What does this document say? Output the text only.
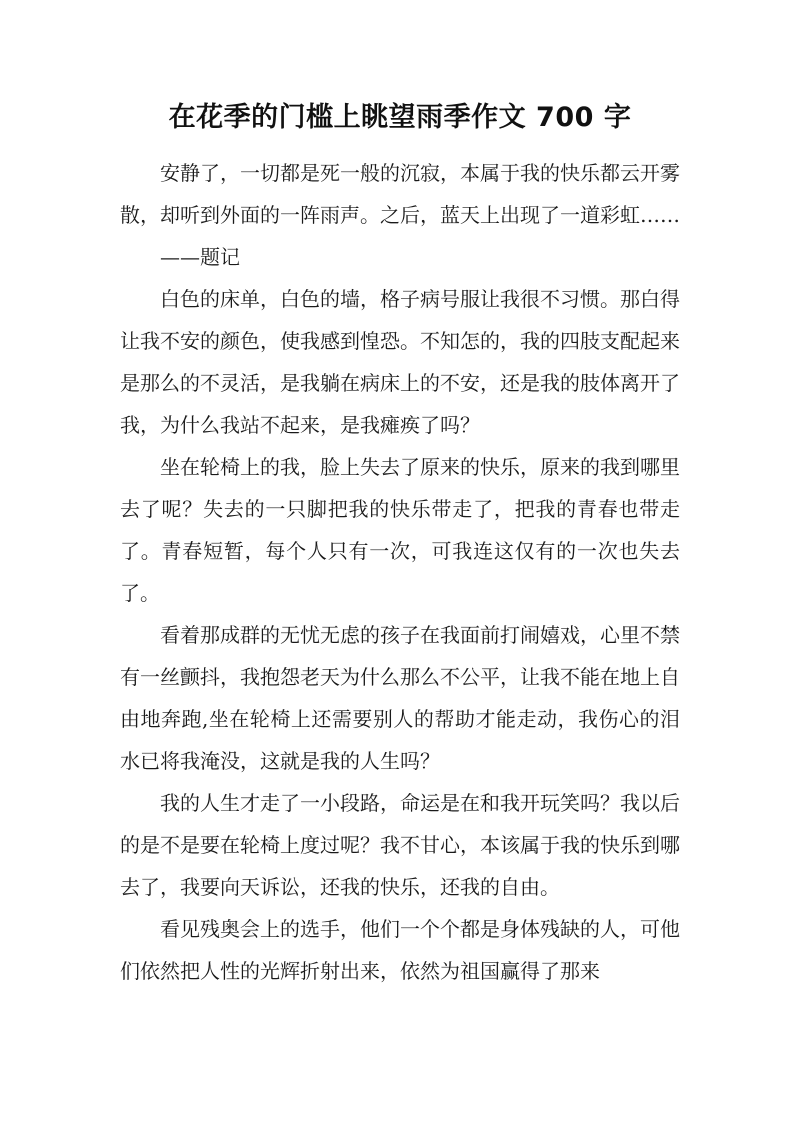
在花季的门槛上眺望雨季作文 700 字

安静了，一切都是死一般的沉寂，本属于我的快乐都云开雾散，却听到外面的一阵雨声。之后，蓝天上出现了一道彩虹……

——题记

白色的床单，白色的墙，格子病号服让我很不习惯。那白得让我不安的颜色，使我感到惶恐。不知怎的，我的四肢支配起来是那么的不灵活，是我躺在病床上的不安，还是我的肢体离开了我，为什么我站不起来，是我瘫痪了吗？

坐在轮椅上的我，脸上失去了原来的快乐，原来的我到哪里去了呢？失去的一只脚把我的快乐带走了，把我的青春也带走了。青春短暂，每个人只有一次，可我连这仅有的一次也失去了。

看着那成群的无忧无虑的孩子在我面前打闹嬉戏，心里不禁有一丝颤抖，我抱怨老天为什么那么不公平，让我不能在地上自由地奔跑,坐在轮椅上还需要别人的帮助才能走动，我伤心的泪水已将我淹没，这就是我的人生吗？

我的人生才走了一小段路，命运是在和我开玩笑吗？我以后的是不是要在轮椅上度过呢？我不甘心，本该属于我的快乐到哪去了，我要向天诉讼，还我的快乐，还我的自由。

看见残奥会上的选手，他们一个个都是身体残缺的人，可他们依然把人性的光辉折射出来，依然为祖国赢得了那来
